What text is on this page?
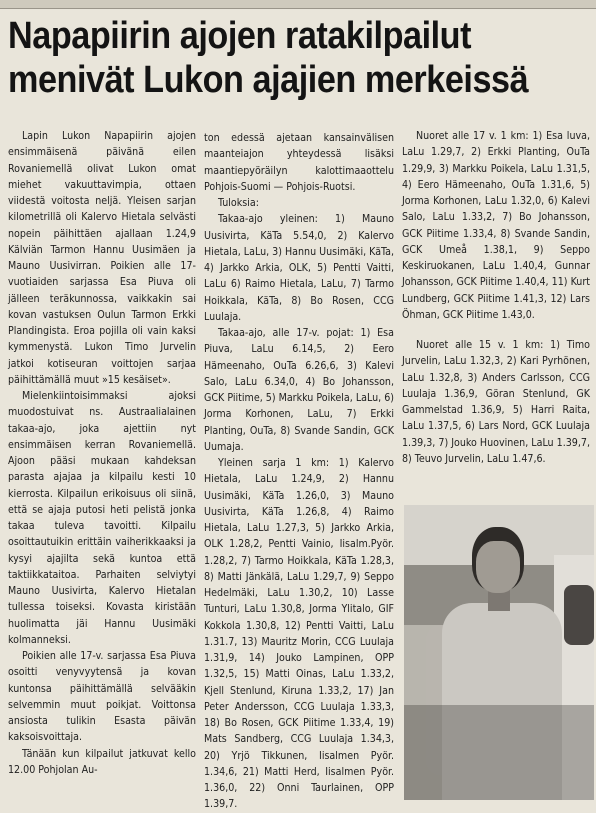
Napapiirin ajojen ratakilpailut
menivät Lukon ajajien merkeissä

Lapin Lukon Napapiirin ajojen ensimmäisenä päivänä eilen Rovaniemellä olivat Lukon omat miehet vakuuttavimpia, ottaen viidestä voitosta neljä. Yleisen sarjan kilometrillä oli Kalervo Hietala selvästi nopein päihittäen ajallaan 1.24,9 Kälviän Tarmon Hannu Uusimäen ja Mauno Uusivirran. Poikien alle 17-vuotiaiden sarjassa Esa Piuva oli jälleen teräkunnossa, vaikkakin sai kovan vastuksen Oulun Tarmon Erkki Plandingista. Eroa pojilla oli vain kaksi kymmenystä. Lukon Timo Jurvelin jatkoi kotiseuran voittojen sarjaa päihittämällä muut »15 kesäiset».

Mielenkiintoisimmaksi ajoksi muodostuivat ns. Austraalialainen takaa-ajo, joka ajettiin nyt ensimmäisen kerran Rovaniemellä. Ajoon pääsi mukaan kahdeksan parasta ajajaa ja kilpailu kesti 10 kierrosta. Kilpailun erikoisuus oli siinä, että se ajaja putosi heti pelistä jonka takaa tuleva tavoitti. Kilpailu osoittautuikin erittäin vaiherikkaaksi ja kysyi ajajilta sekä kuntoa että taktiikkataitoa. Parhaiten selviytyi Mauno Uusivirta, Kalervo Hietalan tullessa toiseksi. Kovasta kiristään huolimatta jäi Hannu Uusimäki kolmanneksi.

Poikien alle 17-v. sarjassa Esa Piuva osoitti venyvyytensä ja kovan kuntonsa päihittämällä selvääkin selvemmin muut poikjat. Voittonsa ansiosta tulikin Esasta päivän kaksoisvoittaja.

Tänään kun kilpailut jatkuvat kello 12.00 Pohjolan Au-

ton edessä ajetaan kansainvälisen maanteiajon yhteydessä lisäksi maantiepyöräilyn kalottimaaottelu Pohjois-Suomi — Pohjois-Ruotsi.

Tuloksia:

Takaa-ajo yleinen: 1) Mauno Uusivirta, KäTa 5.54,0, 2) Kalervo Hietala, LaLu, 3) Hannu Uusimäki, KäTa, 4) Jarkko Arkia, OLK, 5) Pentti Vaitti, LaLu 6) Raimo Hietala, LaLu, 7) Tarmo Hoikkala, KäTa, 8) Bo Rosen, CCG Luulaja.

Takaa-ajo, alle 17-v. pojat: 1) Esa Piuva, LaLu 6.14,5, 2) Eero Hämeenaho, OuTa 6.26,6, 3) Kalevi Salo, LaLu 6.34,0, 4) Bo Johansson, GCK Piitime, 5) Markku Poikela, LaLu, 6) Jorma Korhonen, LaLu, 7) Erkki Planting, OuTa, 8) Svande Sandin, GCK Uumaja.

Yleinen sarja 1 km: 1) Kalervo Hietala, LaLu 1.24,9, 2) Hannu Uusimäki, KäTa 1.26,0, 3) Mauno Uusivirta, KäTa 1.26,8, 4) Raimo Hietala, LaLu 1.27,3, 5) Jarkko Arkia, OLK 1.28,2, Pentti Vainio, Iisalm.Pyör. 1.28,2, 7) Tarmo Hoikkala, KäTa 1.28,3, 8) Matti Jänkälä, LaLu 1.29,7, 9) Seppo Hedelmäki, LaLu 1.30,2, 10) Lasse Tunturi, LaLu 1.30,8, Jorma Ylitalo, GIF Kokkola 1.30,8, 12) Pentti Vaitti, LaLu 1.31.7, 13) Mauritz Morin, CCG Luulaja 1.31,9, 14) Jouko Lampinen, OPP 1.32,5, 15) Matti Oinas, LaLu 1.33,2, Kjell Stenlund, Kiruna 1.33,2, 17) Jan Peter Andersson, CCG Luulaja 1.33,3, 18) Bo Rosen, GCK Piitime 1.33,4, 19) Mats Sandberg, CCG Luulaja 1.34,3, 20) Yrjö Tikkunen, Iisalmen Pyör. 1.34,6, 21) Matti Herd, Iisalmen Pyör. 1.36,0, 22) Onni Taurlainen, OPP 1.39,7.

Nuoret alle 17 v. 1 km: 1) Esa luva, LaLu 1.29,7, 2) Erkki Planting, OuTa 1.29,9, 3) Markku Poikela, LaLu 1.31,5, 4) Eero Hämeenaho, OuTa 1.31,6, 5) Jorma Korhonen, LaLu 1.32,0, 6) Kalevi Salo, LaLu 1.33,2, 7) Bo Johansson, GCK Piitime 1.33,4, 8) Svande Sandin, GCK Umeå 1.38,1, 9) Seppo Keskiruokanen, LaLu 1.40,4, Gunnar Johansson, GCK Piitime 1.40,4, 11) Kurt Lundberg, GCK Piitime 1.41,3, 12) Lars Öhman, GCK Piitime 1.43,0.

Nuoret alle 15 v. 1 km: 1) Timo Jurvelin, LaLu 1.32,3, 2) Kari Pyrhönen, LaLu 1.32,8, 3) Anders Carlsson, CCG Luulaja 1.36,9, Göran Stenlund, GK Gammelstad 1.36,9, 5) Harri Raita, LaLu 1.37,5, 6) Lars Nord, GCK Luulaja 1.39,3, 7) Jouko Huovinen, LaLu 1.39,7, 8) Teuvo Jurvelin, LaLu 1.47,6.
